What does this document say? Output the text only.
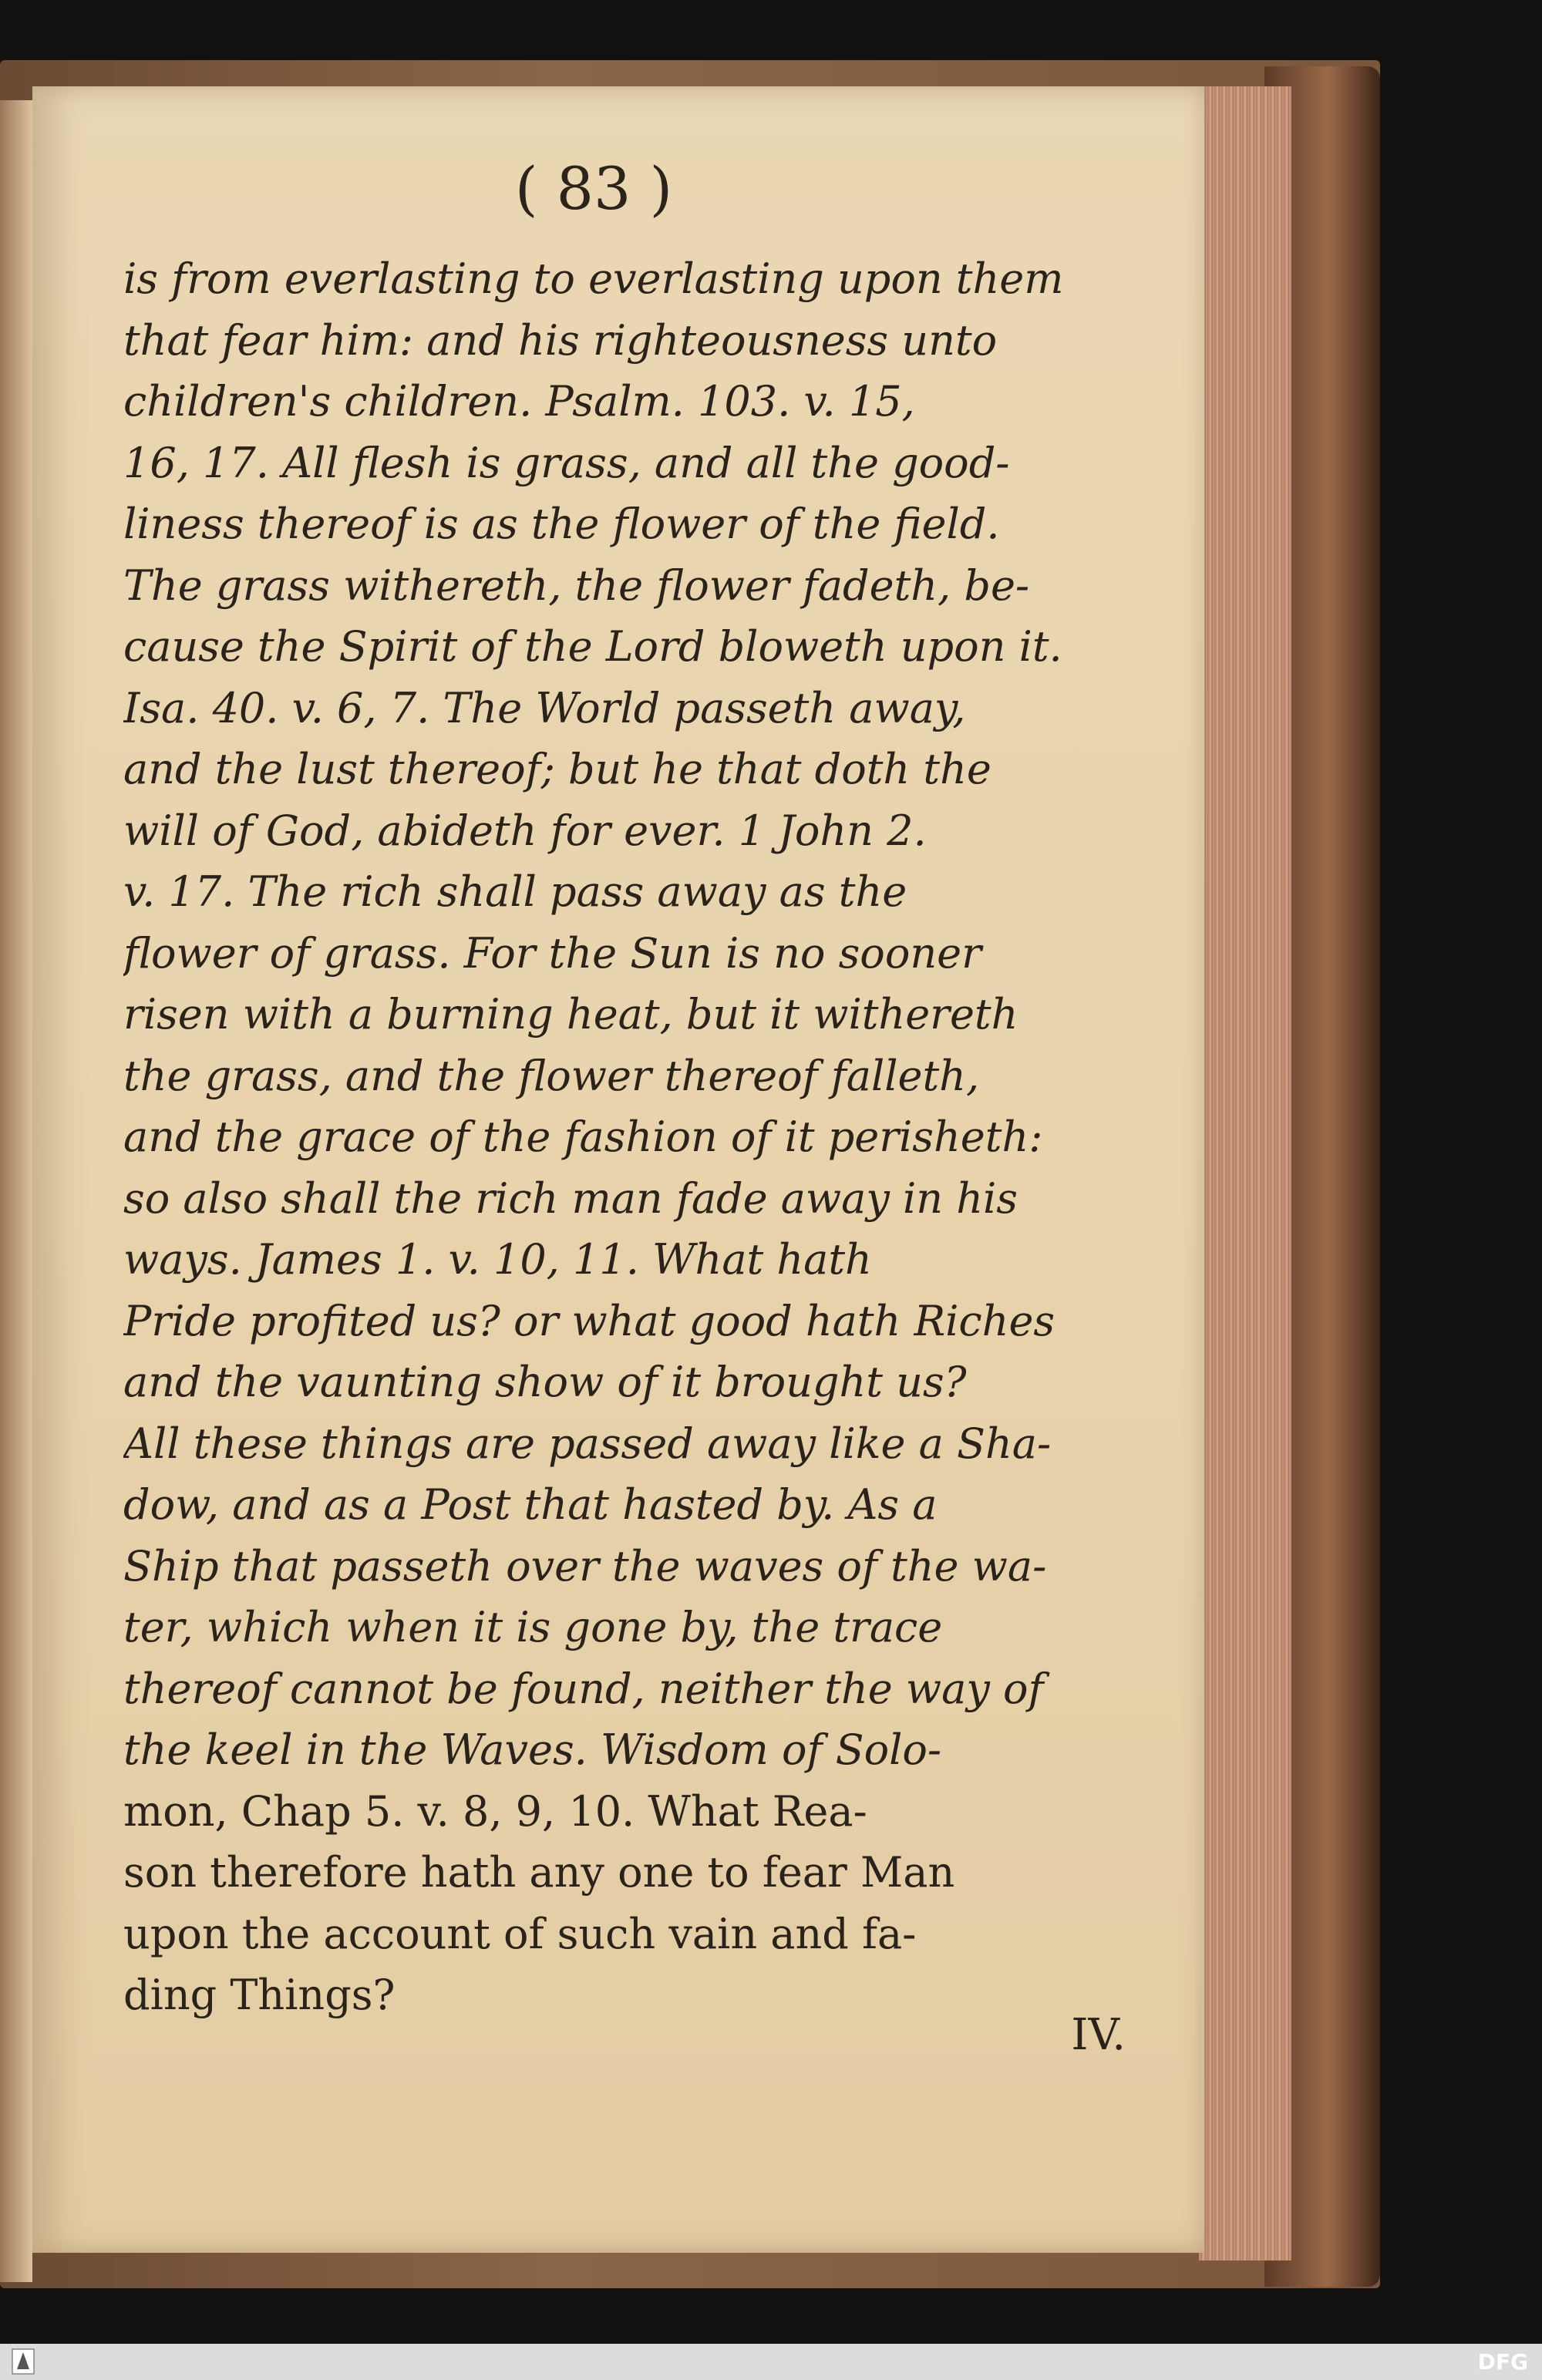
( 83 )
is from everlasting to everlasting upon them
that fear him: and his righteousness unto
children's children. Psalm. 103. v. 15,
16, 17. All flesh is grass, and all the good-
liness thereof is as the flower of the field.
The grass withereth, the flower fadeth, be-
cause the Spirit of the Lord bloweth upon it.
Isa. 40. v. 6, 7. The World passeth away,
and the lust thereof; but he that doth the
will of God, abideth for ever. 1 John 2.
v. 17. The rich shall pass away as the
flower of grass. For the Sun is no sooner
risen with a burning heat, but it withereth
the grass, and the flower thereof falleth,
and the grace of the fashion of it perisheth:
so also shall the rich man fade away in his
ways. James 1. v. 10, 11. What hath
Pride profited us? or what good hath Riches
and the vaunting show of it brought us?
All these things are passed away like a Sha-
dow, and as a Post that hasted by. As a
Ship that passeth over the waves of the wa-
ter, which when it is gone by, the trace
thereof cannot be found, neither the way of
the keel in the Waves. Wisdom of Solo-
mon, Chap 5. v. 8, 9, 10. What Rea-
son therefore hath any one to fear Man
upon the account of such vain and fa-
ding Things?
IV.
DFG
